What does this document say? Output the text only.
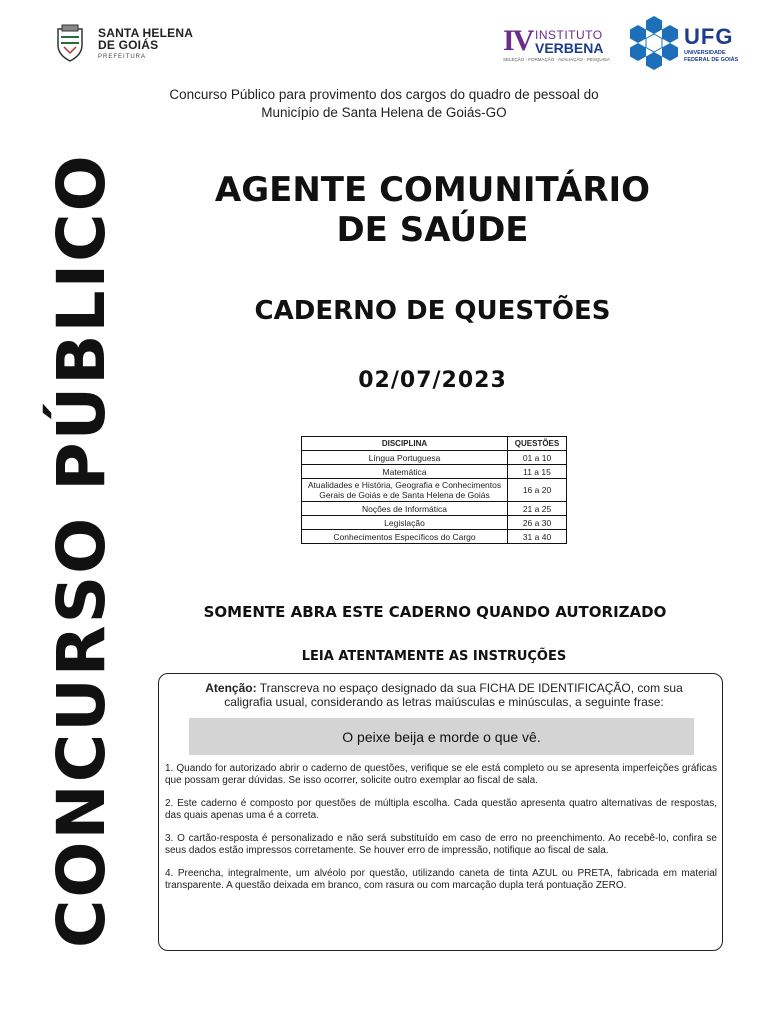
SANTA HELENA
DE GOIÁS
PREFEITURA	IV INSTITUTO
VERBENA
SELEÇÃO · FORMAÇÃO · AVALIAÇÃO · PESQUISA
UFG
UNIVERSIDADE
FEDERAL DE GOIÁS
Concurso Público para provimento dos cargos do quadro de pessoal do
Município de Santa Helena de Goiás-GO
CONCURSO PÚBLICO	AGENTE COMUNITÁRIO
DE SAÚDE
CADERNO DE QUESTÕES
02/07/2023
DISCIPLINA	QUESTÕES
Língua Portuguesa	01 a 10
Matemática	11 a 15
Atualidades e História, Geografia e Conhecimentos Gerais de Goiás e de Santa Helena de Goiás	16 a 20
Noções de Informática	21 a 25
Legislação	26 a 30
Conhecimentos Específicos do Cargo	31 a 40
SOMENTE ABRA ESTE CADERNO QUANDO AUTORIZADO
LEIA ATENTAMENTE AS INSTRUÇÕES
Atenção: Transcreva no espaço designado da sua FICHA DE IDENTIFICAÇÃO, com sua caligrafia usual, considerando as letras maiúsculas e minúsculas, a seguinte frase:
O peixe beija e morde o que vê.

1. Quando for autorizado abrir o caderno de questões, verifique se ele está completo ou se apresenta imperfeições gráficas que possam gerar dúvidas. Se isso ocorrer, solicite outro exemplar ao fiscal de sala.

2. Este caderno é composto por questões de múltipla escolha. Cada questão apresenta quatro alternativas de respostas, das quais apenas uma é a correta.

3. O cartão-resposta é personalizado e não será substituído em caso de erro no preenchimento. Ao recebê-lo, confira se seus dados estão impressos corretamente. Se houver erro de impressão, notifique ao fiscal de sala.

4. Preencha, integralmente, um alvéolo por questão, utilizando caneta de tinta AZUL ou PRETA, fabricada em material transparente. A questão deixada em branco, com rasura ou com marcação dupla terá pontuação ZERO.
